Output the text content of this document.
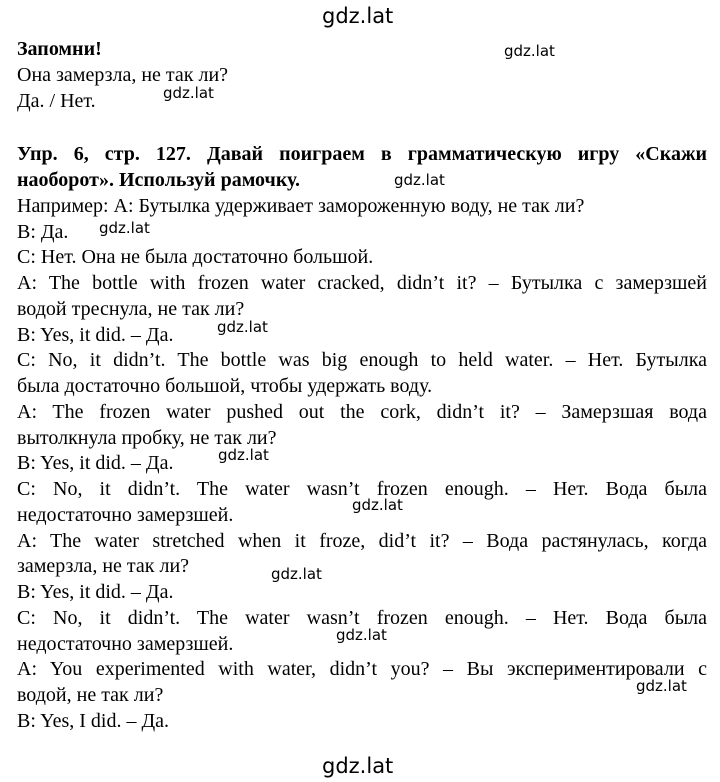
Запомни!
Она замерзла, не так ли?
Да. / Нет.
Упр. 6, стр. 127. Давай поиграем в грамматическую игру «Скажи
наоборот». Используй рамочку.
Например: А: Бутылка удерживает замороженную воду, не так ли?
В: Да.
С: Нет. Она не была достаточно большой.
A: The bottle with frozen water cracked, didn’t it? – Бутылка с замерзшей
водой треснула, не так ли?
B: Yes, it did. – Да.
C: No, it didn’t. The bottle was big enough to held water. – Нет. Бутылка
была достаточно большой, чтобы удержать воду.
A: The frozen water pushed out the cork, didn’t it? – Замерзшая вода
вытолкнула пробку, не так ли?
B: Yes, it did. – Да.
C: No, it didn’t. The water wasn’t frozen enough. – Нет. Вода была
недостаточно замерзшей.
A: The water stretched when it froze, did’t it? – Вода растянулась, когда
замерзла, не так ли?
B: Yes, it did. – Да.
C: No, it didn’t. The water wasn’t frozen enough. – Нет. Вода была
недостаточно замерзшей.
A: You experimented with water, didn’t you? – Вы экспериментировали с
водой, не так ли?
B: Yes, I did. – Да.
gdz.lat
gdz.lat
gdz.lat
gdz.lat
gdz.lat
gdz.lat
gdz.lat
gdz.lat
gdz.lat
gdz.lat
gdz.lat
gdz.lat
